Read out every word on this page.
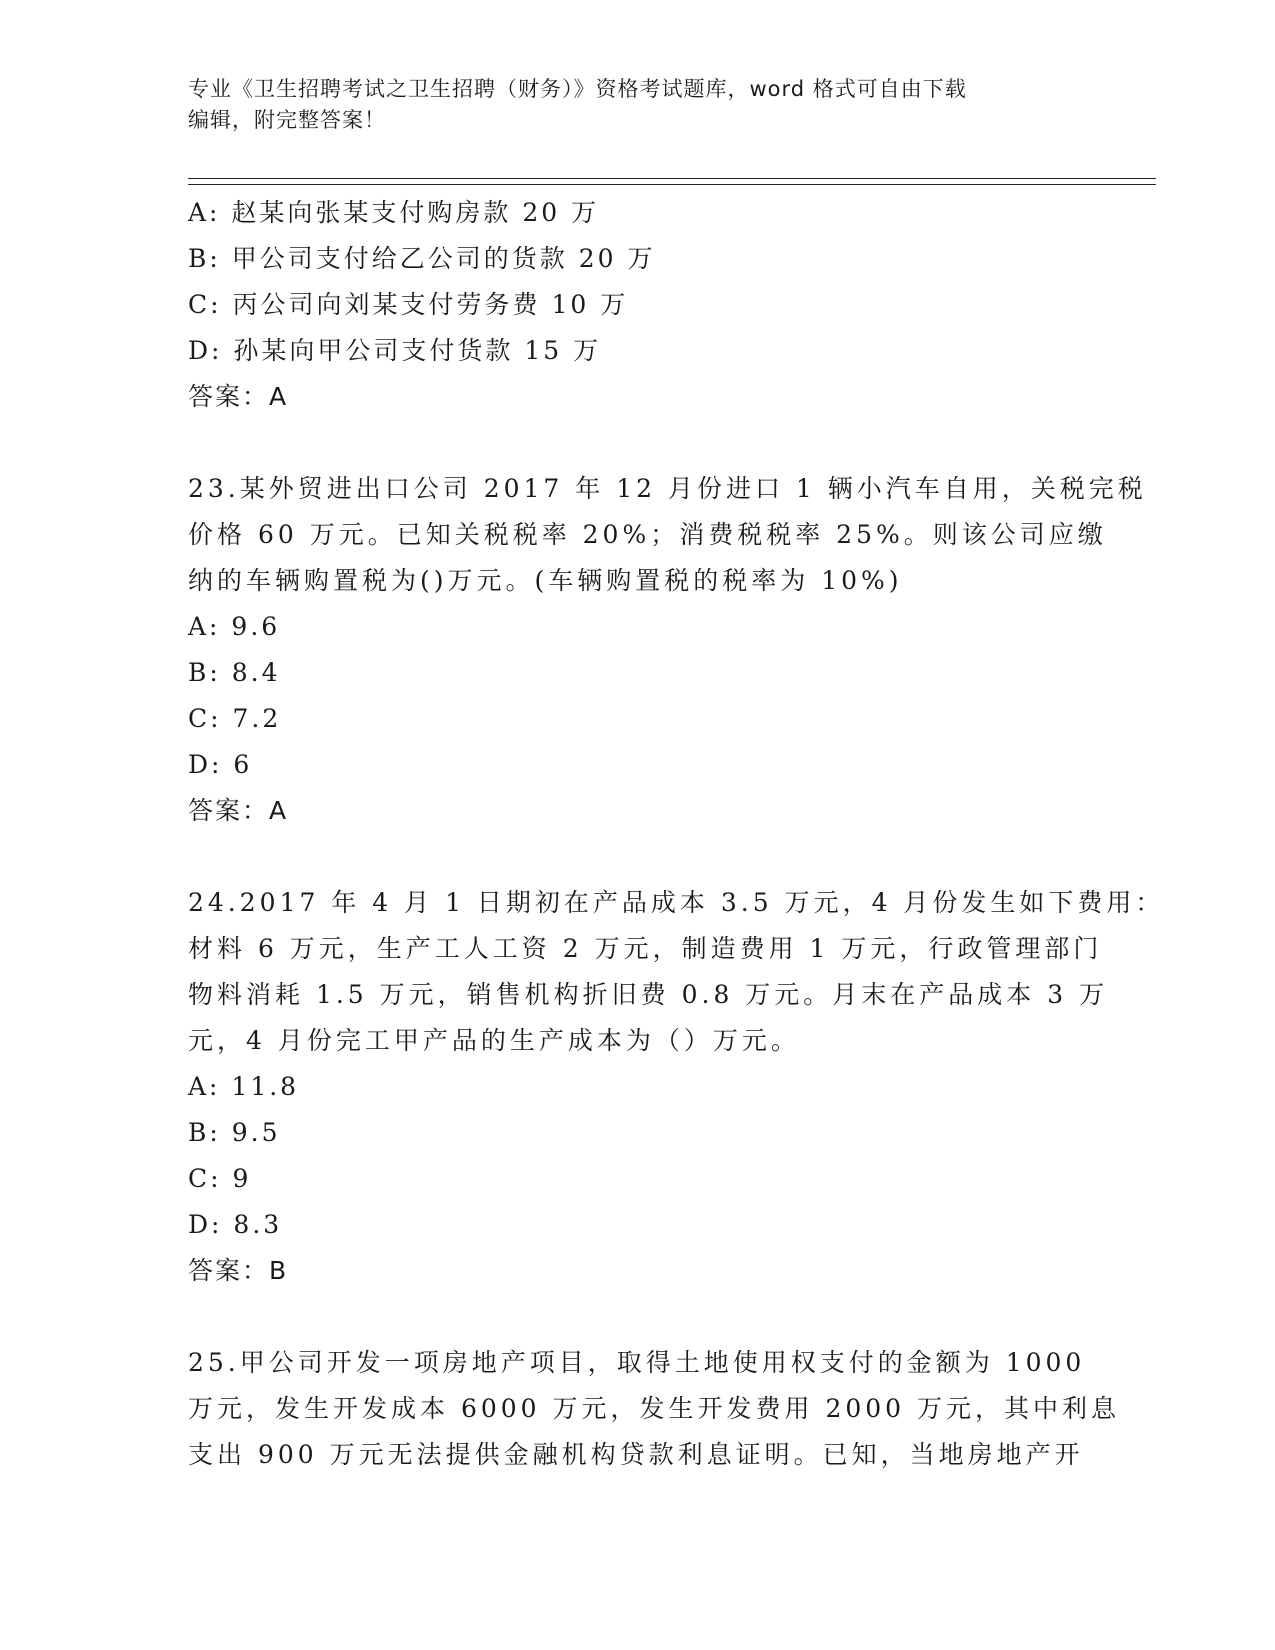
专业《卫生招聘考试之卫生招聘（财务）》资格考试题库，word 格式可自由下载
编辑，附完整答案！
A: 赵某向张某支付购房款 20 万
B: 甲公司支付给乙公司的货款 20 万
C: 丙公司向刘某支付劳务费 10 万
D: 孙某向甲公司支付货款 15 万
答案：A
23.某外贸进出口公司 2017 年 12 月份进口 1 辆小汽车自用，关税完税
价格 60 万元。已知关税税率 20%；消费税税率 25%。则该公司应缴
纳的车辆购置税为()万元。(车辆购置税的税率为 10%)
A: 9.6
B: 8.4
C: 7.2
D: 6
答案：A
24.2017 年 4 月 1 日期初在产品成本 3.5 万元，4 月份发生如下费用：
材料 6 万元，生产工人工资 2 万元，制造费用 1 万元，行政管理部门
物料消耗 1.5 万元，销售机构折旧费 0.8 万元。月末在产品成本 3 万
元，4 月份完工甲产品的生产成本为（）万元。
A: 11.8
B: 9.5
C: 9
D: 8.3
答案：B
25.甲公司开发一项房地产项目，取得土地使用权支付的金额为 1000
万元，发生开发成本 6000 万元，发生开发费用 2000 万元，其中利息
支出 900 万元无法提供金融机构贷款利息证明。已知，当地房地产开
